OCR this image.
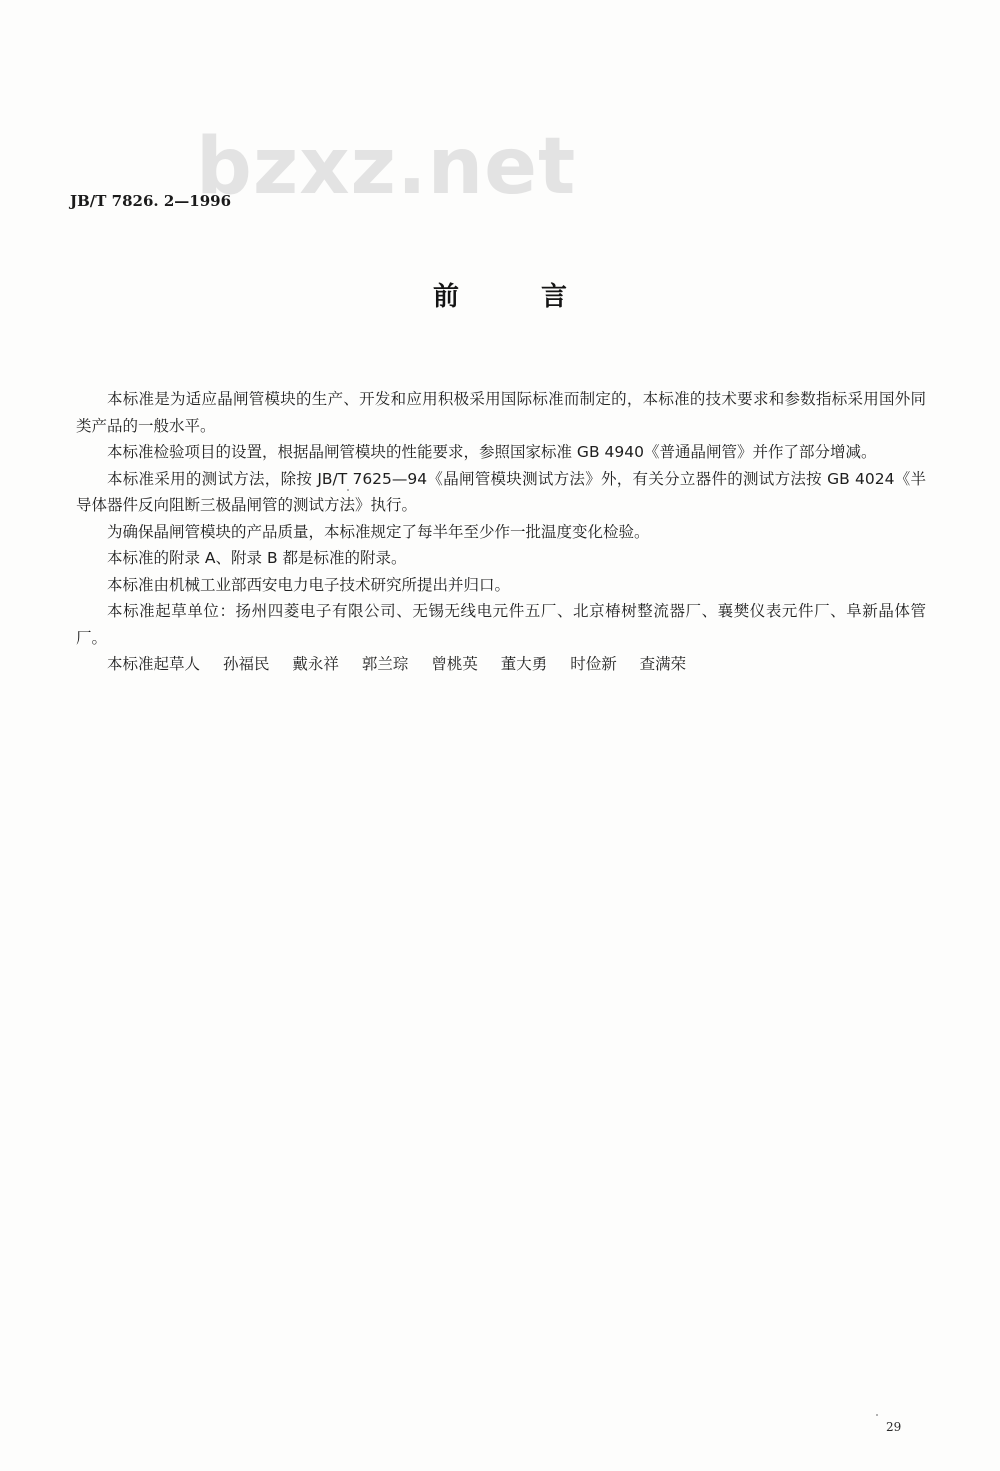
bzxz.net
JB/T 7826. 2—1996
前言

本标准是为适应晶闸管模块的生产、开发和应用积极采用国际标准而制定的，本标准的技术要求和参数指标采用国外同类产品的一般水平。

本标准检验项目的设置，根据晶闸管模块的性能要求，参照国家标准 GB 4940《普通晶闸管》并作了部分增减。

本标准采用的测试方法，除按 JB/T 7625—94《晶闸管模块测试方法》外，有关分立器件的测试方法按 GB 4024《半导体器件反向阻断三极晶闸管的测试方法》执行。

为确保晶闸管模块的产品质量，本标准规定了每半年至少作一批温度变化检验。

本标准的附录 A、附录 B 都是标准的附录。

本标准由机械工业部西安电力电子技术研究所提出并归口。

本标准起草单位：扬州四菱电子有限公司、无锡无线电元件五厂、北京椿树整流器厂、襄樊仪表元件厂、阜新晶体管厂。

本标准起草人 孙福民 戴永祥 郭兰琮 曾桃英 董大勇 时俭新 查满荣
29
